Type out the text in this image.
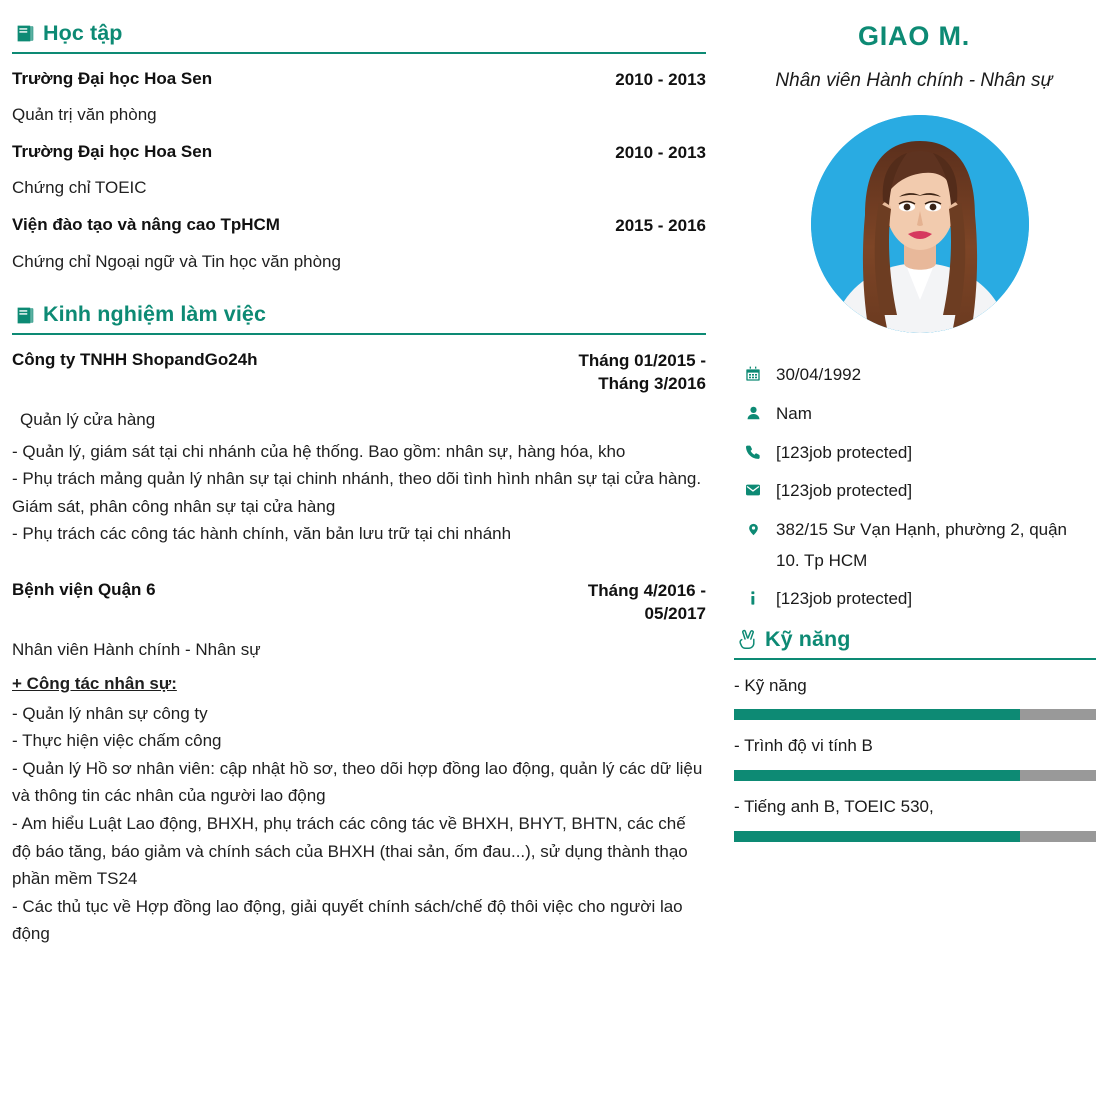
Học tập
Trường Đại học Hoa Sen	2010 - 2013
Quản trị văn phòng
Trường Đại học Hoa Sen	2010 - 2013
Chứng chỉ TOEIC
Viện đào tạo và nâng cao TpHCM	2015 - 2016
Chứng chỉ Ngoại ngữ và Tin học văn phòng
Kinh nghiệm làm việc
Công ty TNHH ShopandGo24h	Tháng 01/2015 - Tháng 3/2016
Quản lý cửa hàng
- Quản lý, giám sát tại chi nhánh của hệ thống. Bao gồm: nhân sự, hàng hóa, kho
- Phụ trách mảng quản lý nhân sự tại chinh nhánh, theo dõi tình hình nhân sự tại cửa hàng. Giám sát, phân công nhân sự tại cửa hàng
- Phụ trách các công tác hành chính, văn bản lưu trữ tại chi nhánh
Bệnh viện Quận 6	Tháng 4/2016 - 05/2017
Nhân viên Hành chính - Nhân sự
+ Công tác nhân sự:
- Quản lý nhân sự công ty
- Thực hiện việc chấm công
- Quản lý Hồ sơ nhân viên: cập nhật hồ sơ, theo dõi hợp đồng lao động, quản lý các dữ liệu và thông tin các nhân của người lao động
- Am hiểu Luật Lao động, BHXH, phụ trách các công tác về BHXH, BHYT, BHTN, các chế độ báo tăng, báo giảm và chính sách của BHXH (thai sản, ốm đau...), sử dụng thành thạo phần mềm TS24
- Các thủ tục về Hợp đồng lao động, giải quyết chính sách/chế độ thôi việc cho người lao động
GIAO M.
Nhân viên Hành chính - Nhân sự
30/04/1992
Nam
[123job protected]
[123job protected]
382/15 Sư Vạn Hạnh, phường 2, quận
10. Tp HCM
[123job protected]
Kỹ năng
- Kỹ năng
- Trình độ vi tính B
- Tiếng anh B, TOEIC 530,
